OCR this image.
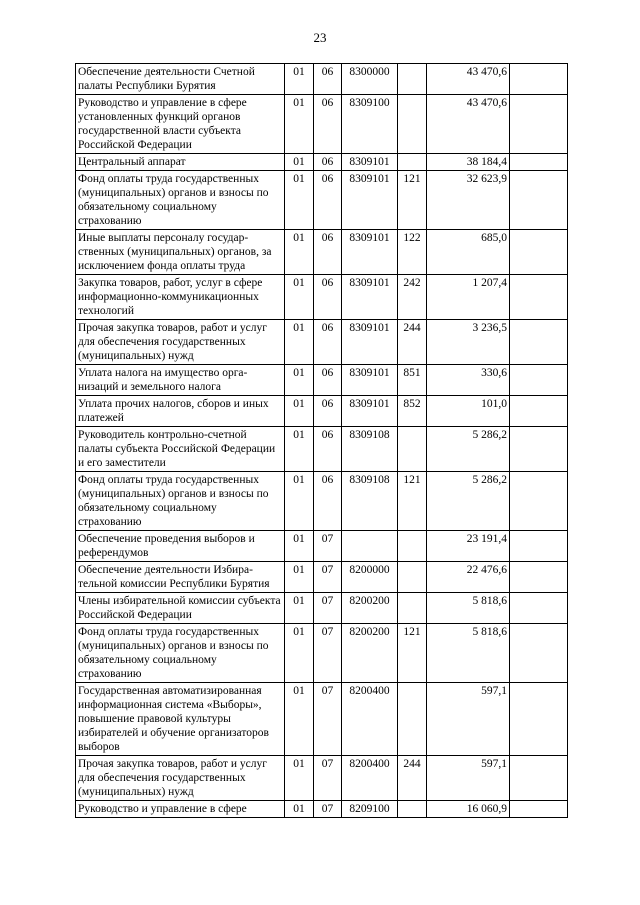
23
Обеспечение деятельности Счетной палаты Республики Бурятия	01	06	8300000		43 470,6	
Руководство и управление в сфере установленных функций органов государственной власти субъекта Российской Федерации	01	06	8309100		43 470,6	
Центральный аппарат	01	06	8309101		38 184,4	
Фонд оплаты труда государственных (муниципальных) органов и взносы по обязательному социальному страхованию	01	06	8309101	121	32 623,9	
Иные выплаты персоналу государственных (муниципальных) органов, за исключением фонда оплаты труда	01	06	8309101	122	685,0	
Закупка товаров, работ, услуг в сфере информационно-коммуникационных технологий	01	06	8309101	242	1 207,4	
Прочая закупка товаров, работ и услуг для обеспечения государственных (муниципальных) нужд	01	06	8309101	244	3 236,5	
Уплата налога на имущество организаций и земельного налога	01	06	8309101	851	330,6	
Уплата прочих налогов, сборов и иных платежей	01	06	8309101	852	101,0	
Руководитель контрольно-счетной палаты субъекта Российской Федерации и его заместители	01	06	8309108		5 286,2	
Фонд оплаты труда государственных (муниципальных) органов и взносы по обязательному социальному страхованию	01	06	8309108	121	5 286,2	
Обеспечение проведения выборов и референдумов	01	07			23 191,4	
Обеспечение деятельности Избирательной комиссии Республики Бурятия	01	07	8200000		22 476,6	
Члены избирательной комиссии субъекта Российской Федерации	01	07	8200200		5 818,6	
Фонд оплаты труда государственных (муниципальных) органов и взносы по обязательному социальному страхованию	01	07	8200200	121	5 818,6	
Государственная автоматизированная информационная система «Выборы», повышение правовой культуры избирателей и обучение организаторов выборов	01	07	8200400		597,1	
Прочая закупка товаров, работ и услуг для обеспечения государственных (муниципальных) нужд	01	07	8200400	244	597,1	
Руководство и управление в сфере	01	07	8209100		16 060,9	
